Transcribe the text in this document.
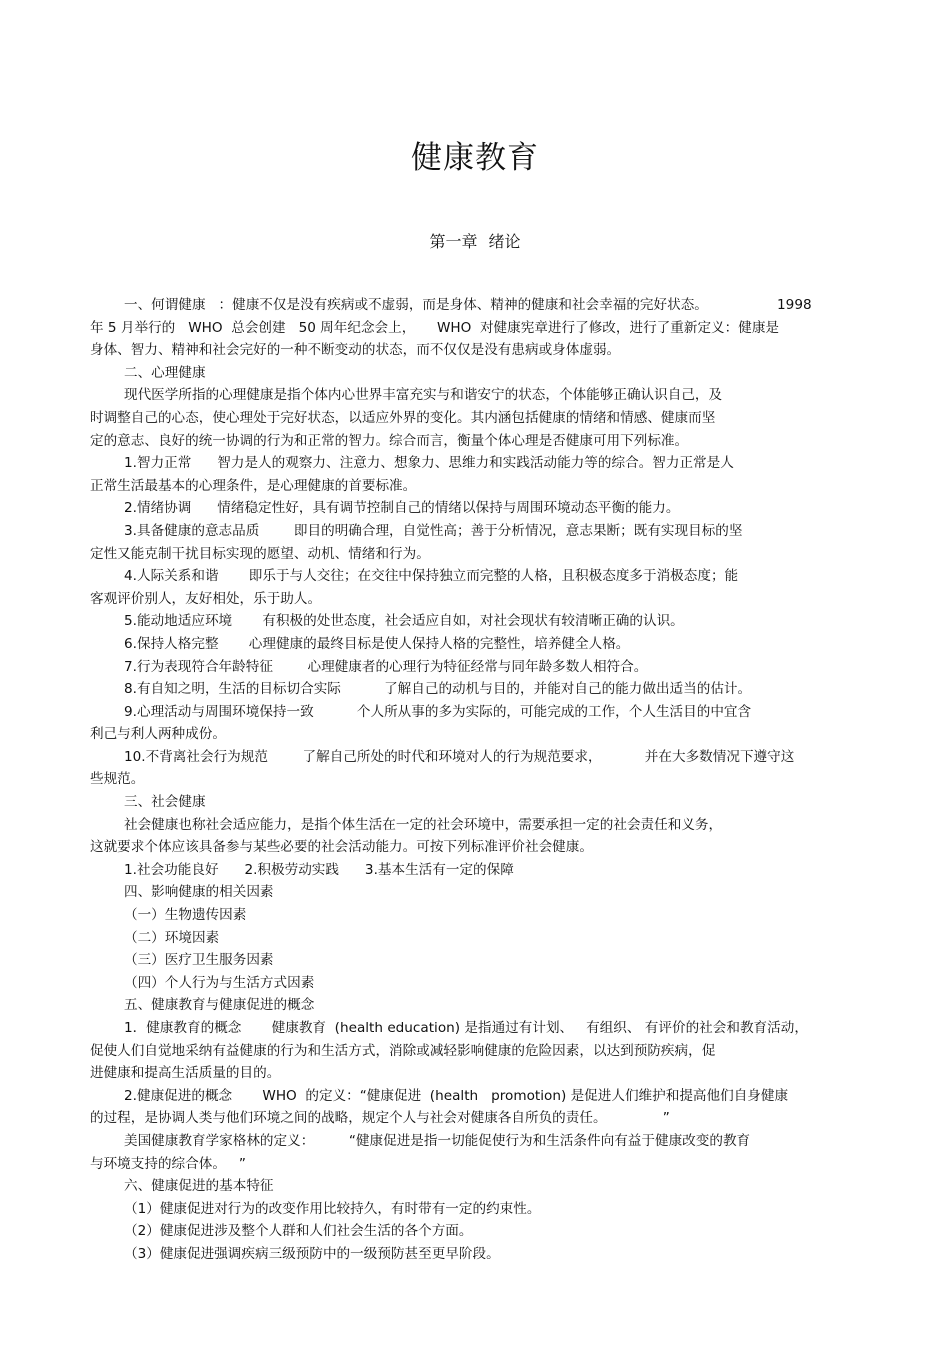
健康教育
第一章 绪论
一、何谓健康   ：健康不仅是没有疾病或不虚弱，而是身体、精神的健康和社会幸福的完好状态。                1998
年 5 月举行的   WHO  总会创建   50 周年纪念会上，     WHO  对健康宪章进行了修改，进行了重新定义：健康是
身体、智力、精神和社会完好的一种不断变动的状态，而不仅仅是没有患病或身体虚弱。
二、心理健康
现代医学所指的心理健康是指个体内心世界丰富充实与和谐安宁的状态，个体能够正确认识自己，及
时调整自己的心态，使心理处于完好状态，以适应外界的变化。其内涵包括健康的情绪和情感、健康而坚
定的意志、良好的统一协调的行为和正常的智力。综合而言，衡量个体心理是否健康可用下列标准。
1.智力正常      智力是人的观察力、注意力、想象力、思维力和实践活动能力等的综合。智力正常是人
正常生活最基本的心理条件，是心理健康的首要标准。
2.情绪协调      情绪稳定性好，具有调节控制自己的情绪以保持与周围环境动态平衡的能力。
3.具备健康的意志品质        即目的明确合理，自觉性高；善于分析情况，意志果断；既有实现目标的坚
定性又能克制干扰目标实现的愿望、动机、情绪和行为。
4.人际关系和谐       即乐于与人交往；在交往中保持独立而完整的人格，且积极态度多于消极态度；能
客观评价别人，友好相处，乐于助人。
5.能动地适应环境       有积极的处世态度，社会适应自如，对社会现状有较清晰正确的认识。
6.保持人格完整       心理健康的最终目标是使人保持人格的完整性，培养健全人格。
7.行为表现符合年龄特征        心理健康者的心理行为特征经常与同年龄多数人相符合。
8.有自知之明，生活的目标切合实际          了解自己的动机与目的，并能对自己的能力做出适当的估计。
9.心理活动与周围环境保持一致          个人所从事的多为实际的，可能完成的工作，个人生活目的中宜含
利己与利人两种成份。
10.不背离社会行为规范        了解自己所处的时代和环境对人的行为规范要求，          并在大多数情况下遵守这
些规范。
三、社会健康
社会健康也称社会适应能力，是指个体生活在一定的社会环境中，需要承担一定的社会责任和义务，
这就要求个体应该具备参与某些必要的社会活动能力。可按下列标准评价社会健康。
1.社会功能良好      2.积极劳动实践      3.基本生活有一定的保障
四、影响健康的相关因素
（一）生物遗传因素
（二）环境因素
（三）医疗卫生服务因素
（四）个人行为与生活方式因素
五、健康教育与健康促进的概念
1．健康教育的概念       健康教育  (health education) 是指通过有计划、   有组织、 有评价的社会和教育活动，
促使人们自觉地采纳有益健康的行为和生活方式，消除或减轻影响健康的危险因素，以达到预防疾病，促
进健康和提高生活质量的目的。
2.健康促进的概念       WHO  的定义：“健康促进  (health   promotion) 是促进人们维护和提高他们自身健康
的过程，是协调人类与他们环境之间的战略，规定个人与社会对健康各自所负的责任。             ”
美国健康教育学家格林的定义：        “健康促进是指一切能促使行为和生活条件向有益于健康改变的教育
与环境支持的综合体。   ”
六、健康促进的基本特征
（1）健康促进对行为的改变作用比较持久，有时带有一定的约束性。
（2）健康促进涉及整个人群和人们社会生活的各个方面。
（3）健康促进强调疾病三级预防中的一级预防甚至更早阶段。
